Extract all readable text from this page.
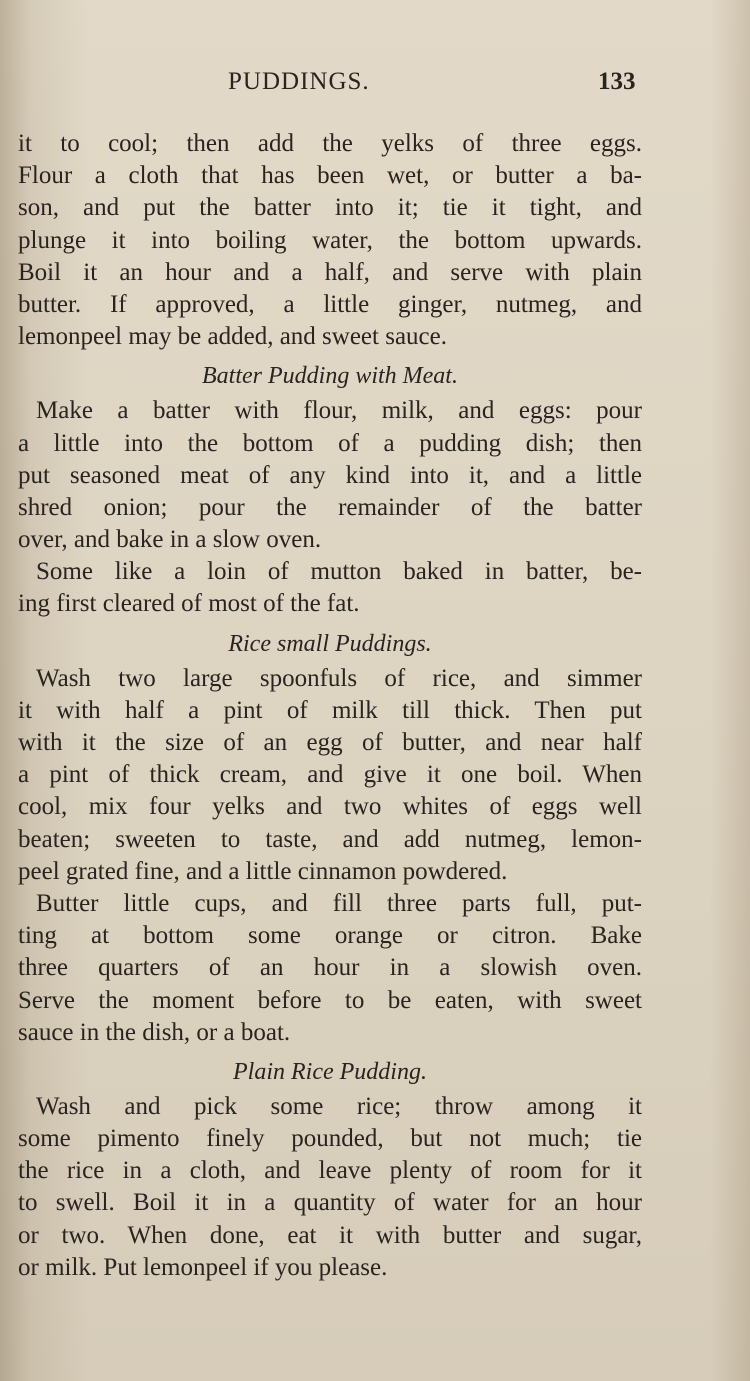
PUDDINGS.	133
it to cool; then add the yelks of three eggs.
Flour a cloth that has been wet, or butter a ba-
son, and put the batter into it; tie it tight, and
plunge it into boiling water, the bottom upwards.
Boil it an hour and a half, and serve with plain
butter. If approved, a little ginger, nutmeg, and
lemonpeel may be added, and sweet sauce.
Batter Pudding with Meat.
Make a batter with flour, milk, and eggs: pour
a little into the bottom of a pudding dish; then
put seasoned meat of any kind into it, and a little
shred onion; pour the remainder of the batter
over, and bake in a slow oven.
Some like a loin of mutton baked in batter, be-
ing first cleared of most of the fat.
Rice small Puddings.
Wash two large spoonfuls of rice, and simmer
it with half a pint of milk till thick. Then put
with it the size of an egg of butter, and near half
a pint of thick cream, and give it one boil. When
cool, mix four yelks and two whites of eggs well
beaten; sweeten to taste, and add nutmeg, lemon-
peel grated fine, and a little cinnamon powdered.
Butter little cups, and fill three parts full, put-
ting at bottom some orange or citron. Bake
three quarters of an hour in a slowish oven.
Serve the moment before to be eaten, with sweet
sauce in the dish, or a boat.
Plain Rice Pudding.
Wash and pick some rice; throw among it
some pimento finely pounded, but not much; tie
the rice in a cloth, and leave plenty of room for it
to swell. Boil it in a quantity of water for an hour
or two. When done, eat it with butter and sugar,
or milk. Put lemonpeel if you please.
